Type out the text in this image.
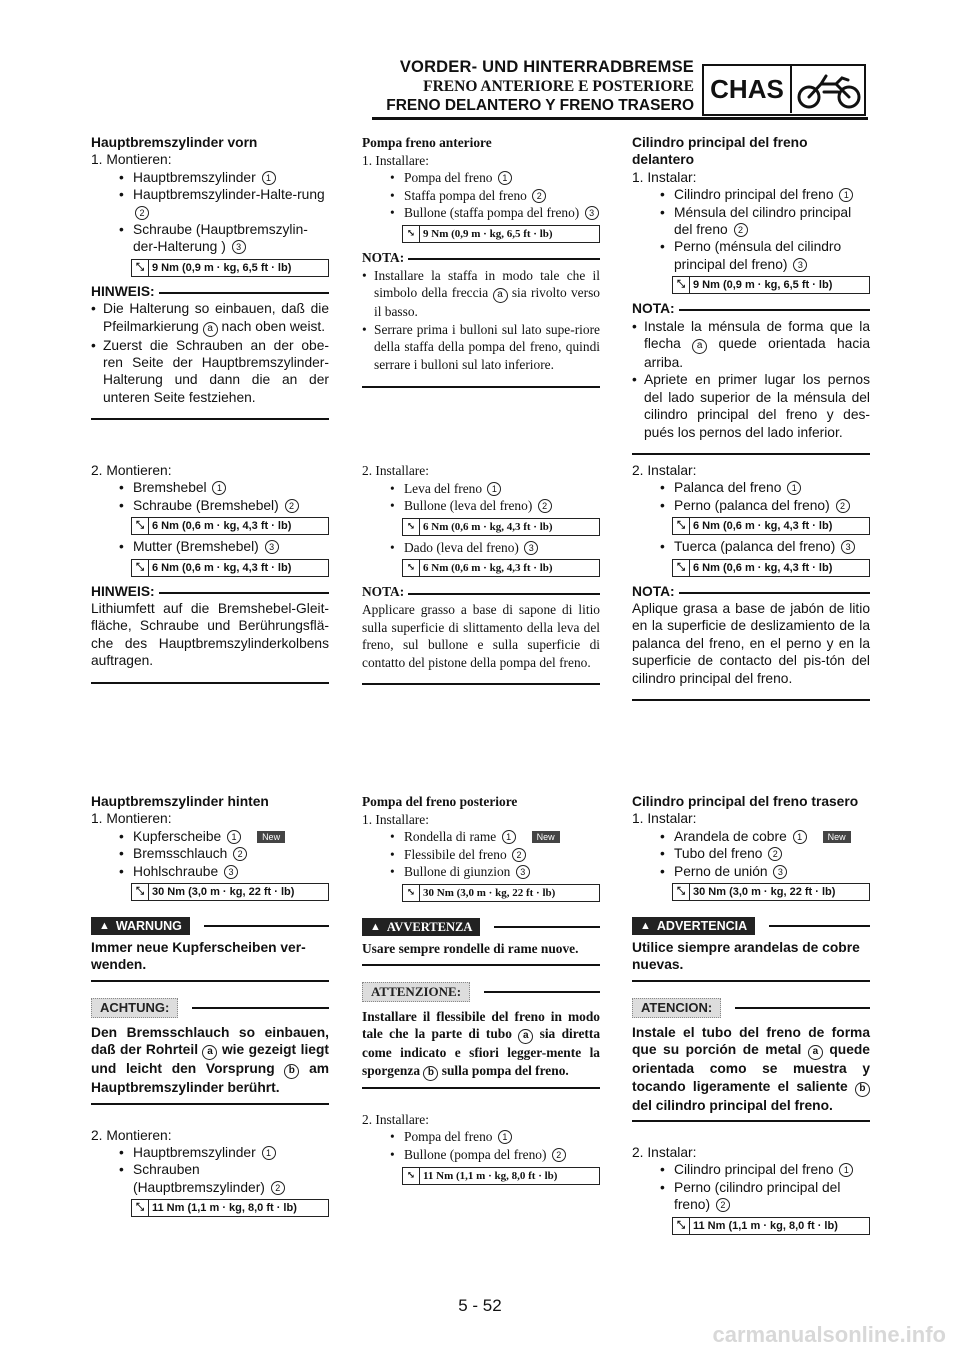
VORDER- UND HINTERRADBREMSE
FRENO ANTERIORE E POSTERIORE
FRENO DELANTERO Y FRENO TRASERO
CHAS
Hauptbremszylinder vorn
1. Montieren:
• Hauptbremszylinder 1
• Hauptbremszylinder-Halte-rung 2
• Schraube (Hauptbremszylin-der-Halterung ) 3
⤡ 9 Nm (0,9 m · kg, 6,5 ft · lb)
HINWEIS:
• Die Halterung so einbauen, daß die Pfeilmarkierung a nach oben weist.
• Zuerst die Schrauben an der obe-ren Seite der Hauptbremszylinder-Halterung und dann die an der unteren Seite festziehen.
2. Montieren:
• Bremshebel 1
• Schraube (Bremshebel) 2
⤡ 6 Nm (0,6 m · kg, 4,3 ft · lb)
• Mutter (Bremshebel) 3
⤡ 6 Nm (0,6 m · kg, 4,3 ft · lb)
HINWEIS:
Lithiumfett auf die Bremshebel-Gleit-fläche, Schraube und Berührungsflä-che des Hauptbremszylinderkolbens auftragen.
Pompa freno anteriore
1. Installare:
• Pompa del freno 1
• Staffa pompa del freno 2
• Bullone (staffa pompa del freno) 3
⤡ 9 Nm (0,9 m · kg, 6,5 ft · lb)
NOTA:
• Installare la staffa in modo tale che il simbolo della freccia a sia rivolto verso il basso.
• Serrare prima i bulloni sul lato supe-riore della staffa della pompa del freno, quindi serrare i bulloni sul lato inferiore.
2. Installare:
• Leva del freno 1
• Bullone (leva del freno) 2
⤡ 6 Nm (0,6 m · kg, 4,3 ft · lb)
• Dado (leva del freno) 3
⤡ 6 Nm (0,6 m · kg, 4,3 ft · lb)
NOTA:
Applicare grasso a base di sapone di litio sulla superficie di slittamento della leva del freno, sul bullone e sulla superficie di contatto del pistone della pompa del freno.
Cilindro principal del freno delantero
1. Instalar:
• Cilindro principal del freno 1
• Ménsula del cilindro principal del freno 2
• Perno (ménsula del cilindro principal del freno) 3
⤡ 9 Nm (0,9 m · kg, 6,5 ft · lb)
NOTA:
• Instale la ménsula de forma que la flecha a quede orientada hacia arriba.
• Apriete en primer lugar los pernos del lado superior de la ménsula del cilindro principal del freno y des-pués los pernos del lado inferior.
2. Instalar:
• Palanca del freno 1
• Perno (palanca del freno) 2
⤡ 6 Nm (0,6 m · kg, 4,3 ft · lb)
• Tuerca (palanca del freno) 3
⤡ 6 Nm (0,6 m · kg, 4,3 ft · lb)
NOTA:
Aplique grasa a base de jabón de litio en la superficie de deslizamiento de la palanca del freno, en el perno y en la superficie de contacto del pis-tón del cilindro principal del freno.
Hauptbremszylinder hinten
1. Montieren:
• Kupferscheibe 1	New
• Bremsschlauch 2
• Hohlschraube 3
⤡ 30 Nm (3,0 m · kg, 22 ft · lb)
▲ WARNUNG
Immer neue Kupferscheiben ver-wenden.
ACHTUNG:
Den Bremsschlauch so einbauen, daß der Rohrteil a wie gezeigt liegt und leicht den Vorsprung b am Hauptbremszylinder berührt.
2. Montieren:
• Hauptbremszylinder 1
• Schrauben (Hauptbremszylinder) 2
⤡ 11 Nm (1,1 m · kg, 8,0 ft · lb)
Pompa del freno posteriore
1. Installare:
• Rondella di rame 1	New
• Flessibile del freno 2
• Bullone di giunzion 3
⤡ 30 Nm (3,0 m · kg, 22 ft · lb)
▲ AVVERTENZA
Usare sempre rondelle di rame nuove.
ATTENZIONE:
Installare il flessibile del freno in modo tale che la parte di tubo a sia diretta come indicato e sfiori legger-mente la sporgenza b sulla pompa del freno.
2. Installare:
• Pompa del freno 1
• Bullone (pompa del freno) 2
⤡ 11 Nm (1,1 m · kg, 8,0 ft · lb)
Cilindro principal del freno trasero
1. Instalar:
• Arandela de cobre 1	New
• Tubo del freno 2
• Perno de unión 3
⤡ 30 Nm (3,0 m · kg, 22 ft · lb)
▲ ADVERTENCIA
Utilice siempre arandelas de cobre nuevas.
ATENCION:
Instale el tubo del freno de forma que su porción de metal a quede orientada como se muestra y tocando ligeramente el saliente b del cilindro principal del freno.
2. Instalar:
• Cilindro principal del freno 1
• Perno (cilindro principal del freno) 2
⤡ 11 Nm (1,1 m · kg, 8,0 ft · lb)
5 - 52
carmanualsonline.info
